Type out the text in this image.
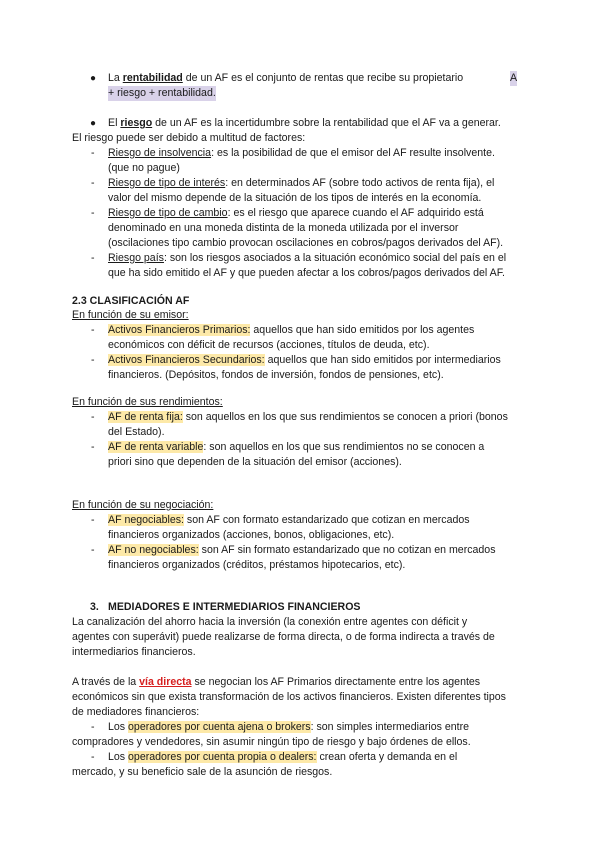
● La rentabilidad de un AF es el conjunto de rentas que recibe su propietario	A
+ riesgo + rentabilidad.
● El riesgo de un AF es la incertidumbre sobre la rentabilidad que el AF va a generar.
El riesgo puede ser debido a multitud de factores:
- Riesgo de insolvencia: es la posibilidad de que el emisor del AF resulte insolvente.
(que no pague)
- Riesgo de tipo de interés: en determinados AF (sobre todo activos de renta fija), el
valor del mismo depende de la situación de los tipos de interés en la economía.
- Riesgo de tipo de cambio: es el riesgo que aparece cuando el AF adquirido está
denominado en una moneda distinta de la moneda utilizada por el inversor
(oscilaciones tipo cambio provocan oscilaciones en cobros/pagos derivados del AF).
- Riesgo país: son los riesgos asociados a la situación económico social del país en el
que ha sido emitido el AF y que pueden afectar a los cobros/pagos derivados del AF.
2.3 CLASIFICACIÓN AF
En función de su emisor:
- Activos Financieros Primarios: aquellos que han sido emitidos por los agentes
económicos con déficit de recursos (acciones, títulos de deuda, etc).
- Activos Financieros Secundarios: aquellos que han sido emitidos por intermediarios
financieros. (Depósitos, fondos de inversión, fondos de pensiones, etc).
En función de sus rendimientos:
- AF de renta fija: son aquellos en los que sus rendimientos se conocen a priori (bonos
del Estado).
- AF de renta variable: son aquellos en los que sus rendimientos no se conocen a
priori sino que dependen de la situación del emisor (acciones).
En función de su negociación:
- AF negociables: son AF con formato estandarizado que cotizan en mercados
financieros organizados (acciones, bonos, obligaciones, etc).
- AF no negociables: son AF sin formato estandarizado que no cotizan en mercados
financieros organizados (créditos, préstamos hipotecarios, etc).
3. MEDIADORES E INTERMEDIARIOS FINANCIEROS
La canalización del ahorro hacia la inversión (la conexión entre agentes con déficit y
agentes con superávit) puede realizarse de forma directa, o de forma indirecta a través de
intermediarios financieros.
A través de la vía directa se negocian los AF Primarios directamente entre los agentes
económicos sin que exista transformación de los activos financieros. Existen diferentes tipos
de mediadores financieros:
- Los operadores por cuenta ajena o brokers: son simples intermediarios entre
compradores y vendedores, sin asumir ningún tipo de riesgo y bajo órdenes de ellos.
- Los operadores por cuenta propia o dealers: crean oferta y demanda en el
mercado, y su beneficio sale de la asunción de riesgos.
